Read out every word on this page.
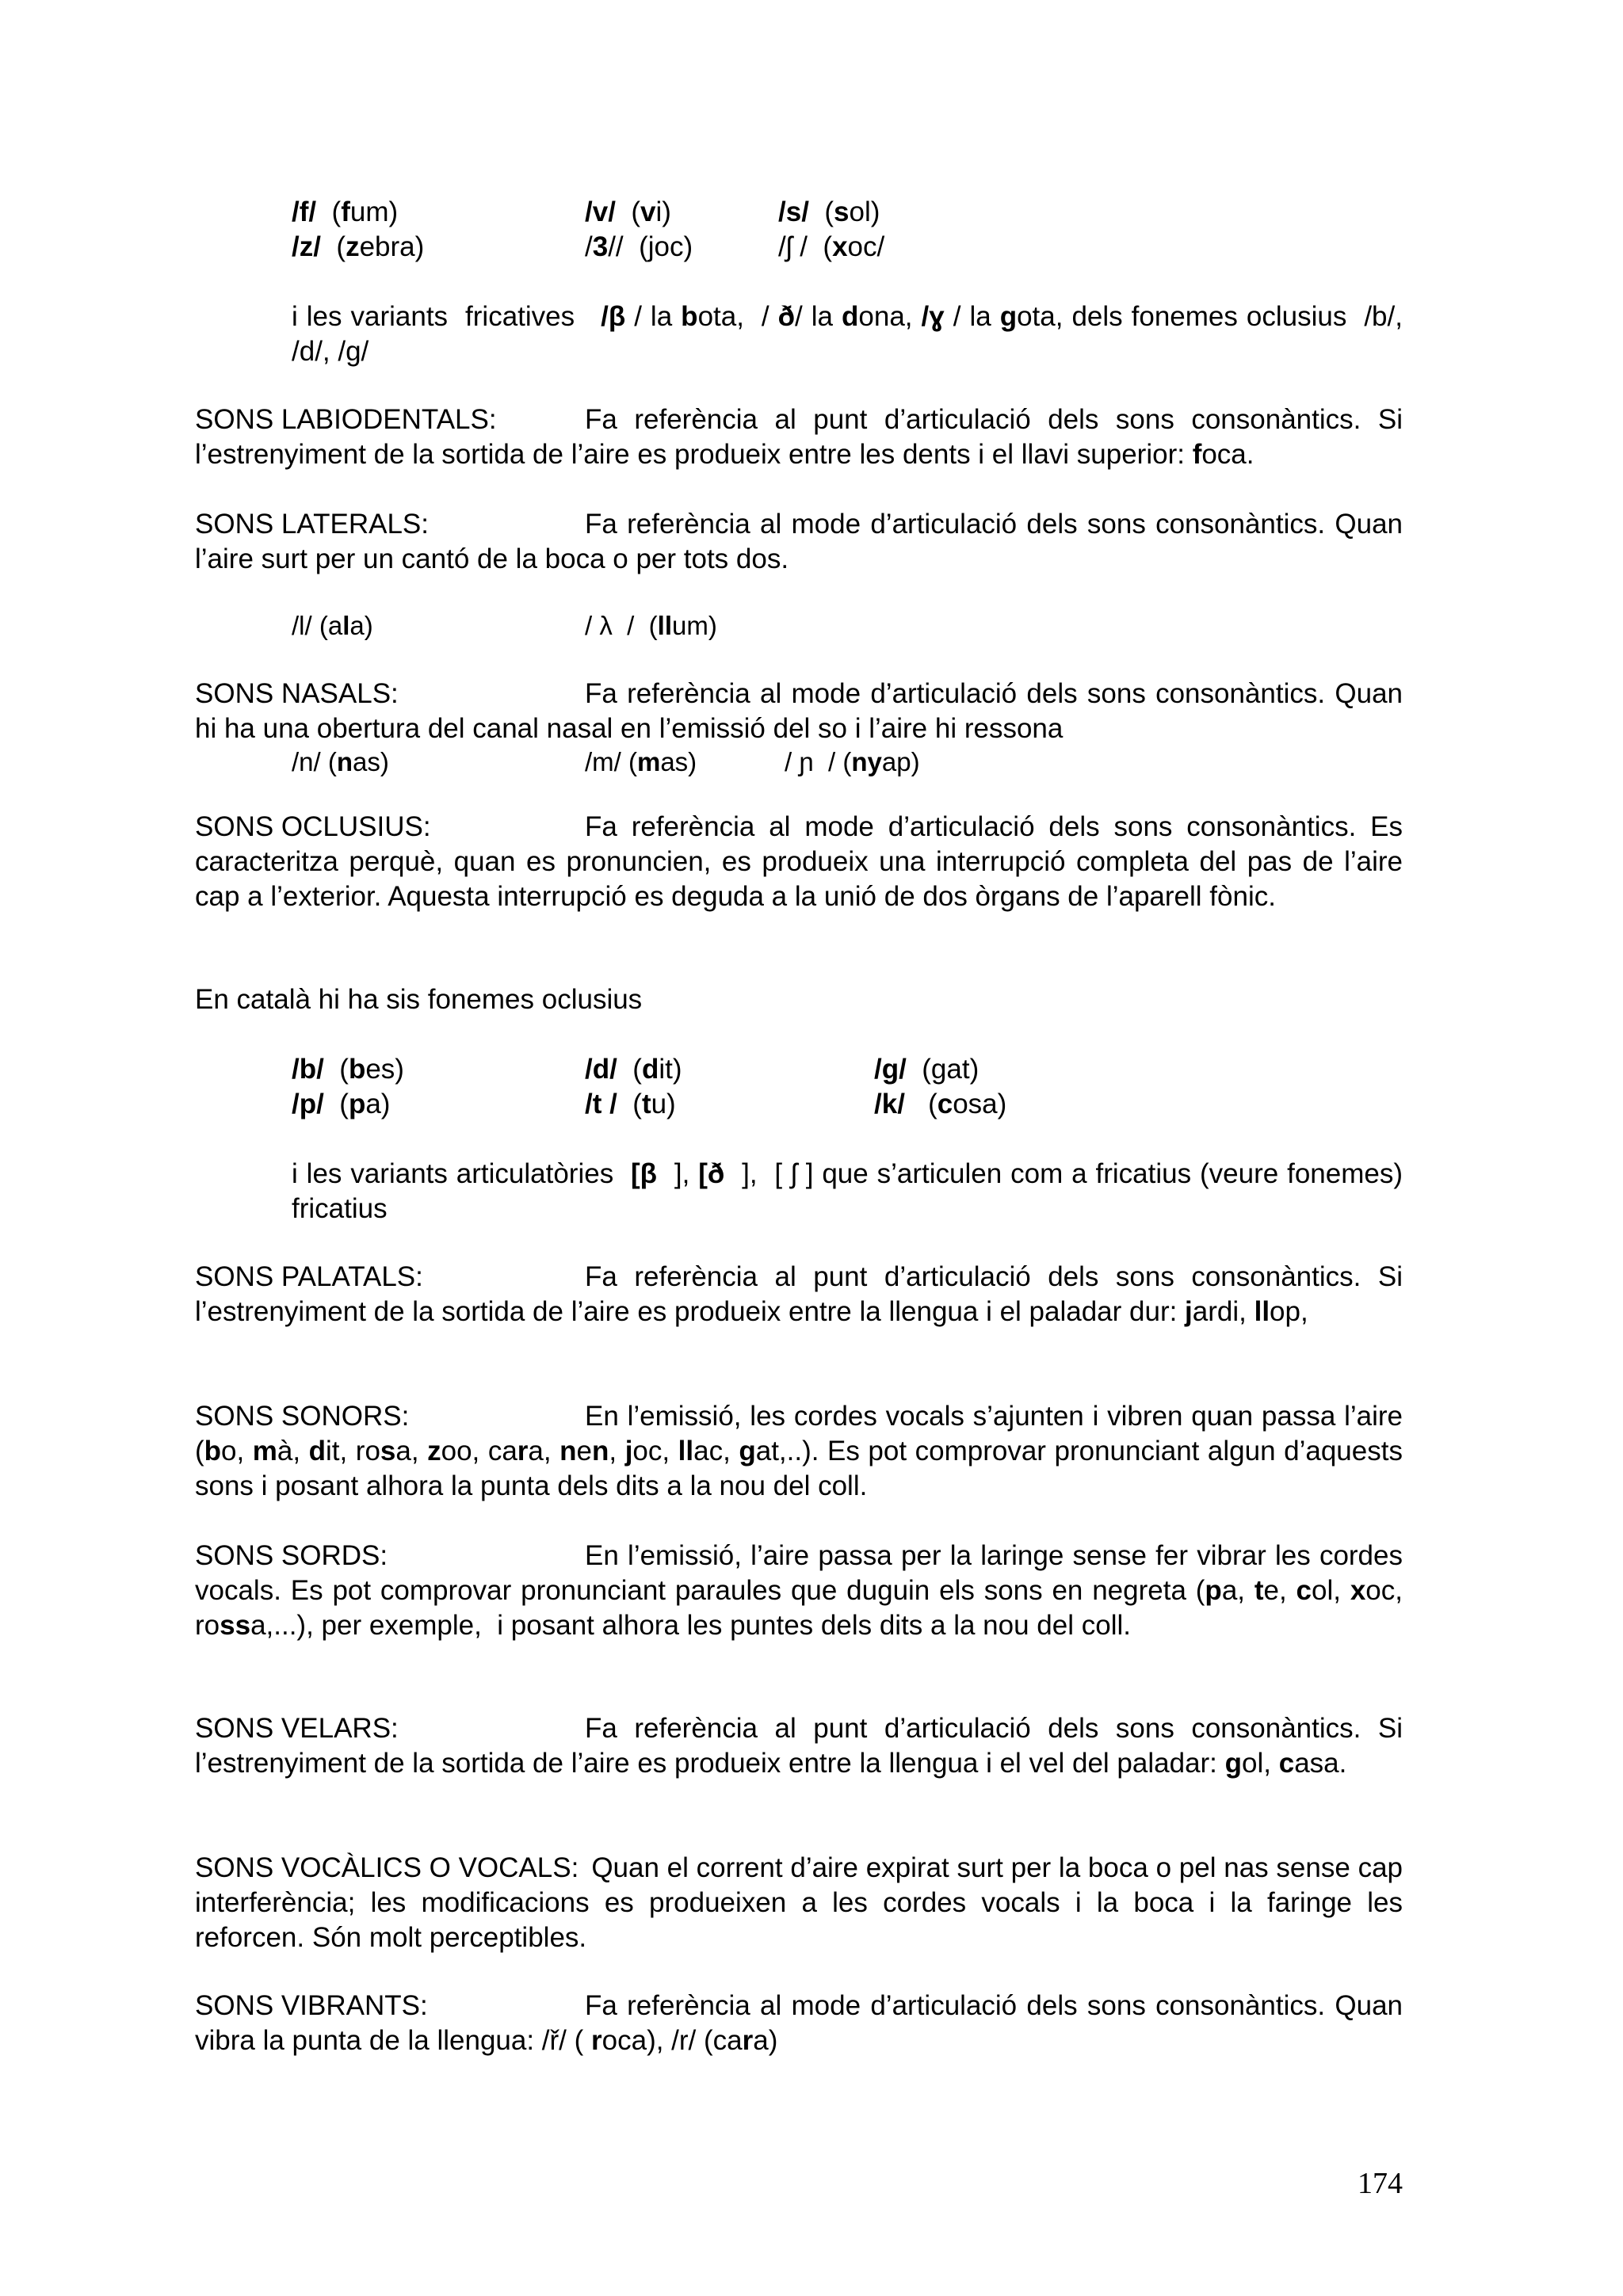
/f/  (fum)	/v/  (vi)	/s/  (sol)
/z/  (zebra)	/3//  (joc)	/ʃ /  (xoc/
i les variants  fricatives   /β / la bota,  / ð/ la dona, /ɣ / la gota, dels fonemes oclusius  /b/, /d/, /g/
SONS LABIODENTALS:	Fa referència al punt d’articulació dels sons consonàntics. Si l’estrenyiment de la sortida de l’aire es produeix entre les dents i el llavi superior: foca.
SONS LATERALS:	Fa referència al mode d’articulació dels sons consonàntics. Quan l’aire surt per un cantó de la boca o per tots dos.
/l/ (ala)	/ λ  /  (llum)
SONS NASALS:	Fa referència al mode d’articulació dels sons consonàntics. Quan hi ha una obertura del canal nasal en l’emissió del so i l’aire hi ressona
/n/ (nas)	/m/ (mas)	/ ɲ  / (nyap)
SONS OCLUSIUS:	Fa referència al mode d’articulació dels sons consonàntics. Es caracteritza perquè, quan es pronuncien, es produeix una interrupció completa del pas de l’aire cap a l’exterior. Aquesta interrupció es deguda a la unió de dos òrgans de l’aparell fònic.
En català hi ha sis fonemes oclusius
/b/  (bes)	/d/  (dit)	/g/  (gat)
/p/  (pa)	/t /  (tu)	/k/   (cosa)
i les variants articulatòries  [β  ], [ð  ],  [ ʃ ] que s’articulen com a fricatius (veure fonemes) fricatius
SONS PALATALS:	Fa referència al punt d’articulació dels sons consonàntics. Si l’estrenyiment de la sortida de l’aire es produeix entre la llengua i el paladar dur: jardi, llop,
SONS SONORS:	En l’emissió, les cordes vocals s’ajunten i vibren quan passa l’aire (bo, mà, dit, rosa, zoo, cara, nen, joc, llac, gat,..). Es pot comprovar pronunciant algun d’aquests sons i posant alhora la punta dels dits a la nou del coll.
SONS SORDS:	En l’emissió, l’aire passa per la laringe sense fer vibrar les cordes vocals. Es pot comprovar pronunciant paraules que duguin els sons en negreta (pa, te, col, xoc, rossa,...), per exemple,  i posant alhora les puntes dels dits a la nou del coll.
SONS VELARS:	Fa referència al punt d’articulació dels sons consonàntics. Si l’estrenyiment de la sortida de l’aire es produeix entre la llengua i el vel del paladar: gol, casa.
SONS VOCÀLICS O VOCALS: Quan el corrent d’aire expirat surt per la boca o pel nas sense cap interferència; les modificacions es produeixen a les cordes vocals i la boca i la faringe les reforcen. Són molt perceptibles.
SONS VIBRANTS:	Fa referència al mode d’articulació dels sons consonàntics. Quan vibra la punta de la llengua: /ř/ ( roca), /r/ (cara)
174
